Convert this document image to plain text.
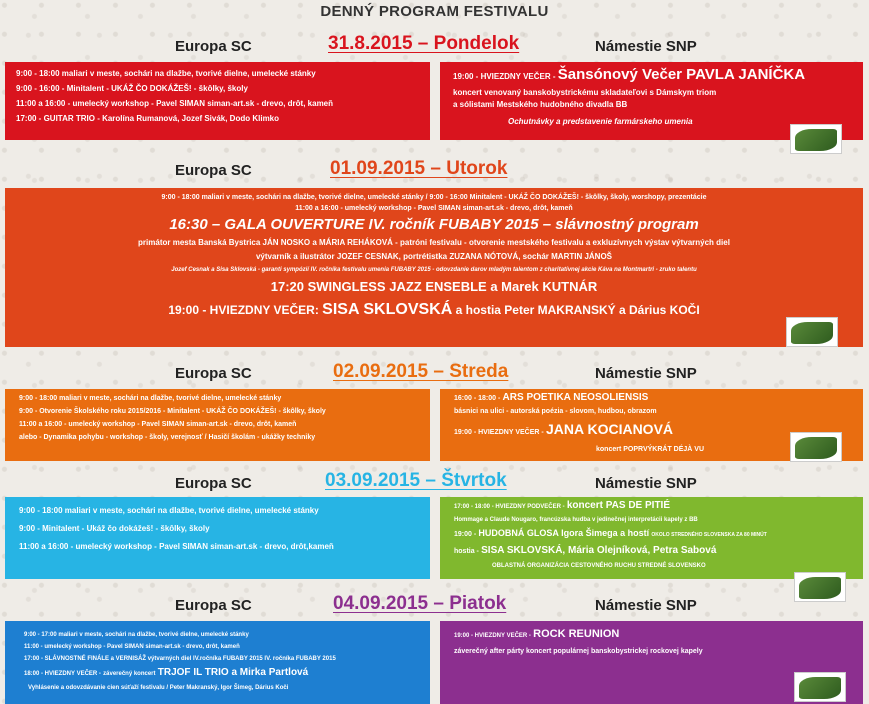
DENNÝ PROGRAM FESTIVALU
Europa SC	31.8.2015 – Pondelok	Námestie SNP
9:00 - 18:00 maliari v meste, sochári na dlažbe, tvorivé dielne, umelecké stánky
9:00 - 16:00 - Minitalent - UKÁŽ ČO DOKÁŽEŠ! - škôlky, školy
11:00 a 16:00 - umelecký workshop - Pavel SIMAN siman-art.sk - drevo, drôt, kameň
17:00 - GUITAR TRIO - Karolína Rumanová, Jozef Sivák, Dodo Klimko
19:00 - HVIEZDNY VEČER - Šansónový Večer PAVLA JANÍČKA
koncert venovaný banskobystrickému skladateľovi s Dámskym triom
a sólistami Mestského hudobného divadla BB
Ochutnávky a predstavenie farmárskeho umenia
Europa SC	01.09.2015 – Utorok
9:00 - 18:00 maliari v meste, sochári na dlažbe, tvorivé dielne, umelecké stánky / 9:00 - 16:00 Minitalent - UKÁŽ ČO DOKÁŽEŠ! - škôlky, školy, worshopy, prezentácie
11:00 a 16:00 - umelecký workshop - Pavel SIMAN siman-art.sk - drevo, drôt, kameň
16:30 – GALA OUVERTURE IV. ročník FUBABY 2015 – slávnostný program
primátor mesta Banská Bystrica JÁN NOSKO a MÁRIA REHÁKOVÁ - patróni festivalu - otvorenie mestského festivalu a exkluzívnych výstav výtvarných diel
výtvarník a ilustrátor JOZEF CESNAK, portrétistka ZUZANA NÓTOVÁ, sochár MARTIN JÁNOŠ
Jozef Cesnak a Sisa Sklovská - garanti sympózií IV. ročníka festivalu umenia FUBABY 2015 - odovzdanie darov mladým talentom z charitatívnej akcie Káva na Montmartri - zruko talentu
17:20 SWINGLESS JAZZ ENSEBLE a Marek KUTNÁR
19:00 - HVIEZDNY VEČER: SISA SKLOVSKÁ a hostia Peter MAKRANSKÝ a Dárius KOČI
Europa SC	02.09.2015 – Streda	Námestie SNP
9:00 - 18:00 maliari v meste, sochári na dlažbe, tvorivé dielne, umelecké stánky
9:00 - Otvorenie Školského roku 2015/2016 - Minitalent - UKÁŽ ČO DOKÁŽEŠ! - škôlky, školy
11:00 a 16:00 - umelecký workshop - Pavel SIMAN siman-art.sk - drevo, drôt, kameň
alebo - Dynamika pohybu - workshop - školy, verejnosť / Hasičí školám - ukážky techniky
16:00 - 18:00 - ARS POETIKA NEOSOLIENSIS
básnici na ulici - autorská poézia - slovom, hudbou, obrazom
19:00 - HVIEZDNY VEČER - JANA KOCIANOVÁ
koncert POPRVÝKRÁT DÉJÀ VU
Europa SC	03.09.2015 – Štvrtok	Námestie SNP
9:00 - 18:00 maliari v meste, sochári na dlažbe, tvorivé dielne, umelecké stánky
9:00 - Minitalent - Ukáž čo dokážeš! - škôlky, školy
11:00 a 16:00 - umelecký workshop - Pavel SIMAN siman-art.sk - drevo, drôt,kameň
17:00 - 18:00 - HVIEZDNY PODVEČER - koncert PAS DE PITIÉ
Hommage a Claude Nougaro, francúzska hudba v jedinečnej interpretácii kapely z BB
19:00 - HUDOBNÁ GLOSA Igora Šimega a hostí OKOLO STREDNÉHO SLOVENSKA ZA 80 MINÚT
hostia - SISA SKLOVSKÁ, Mária Olejníková, Petra Sabová
OBLASTNÁ ORGANIZÁCIA CESTOVNÉHO RUCHU STREDNÉ SLOVENSKO
Europa SC	04.09.2015 – Piatok	Námestie SNP
9:00 - 17:00 maliari v meste, sochári na dlažbe, tvorivé dielne, umelecké stánky
11:00 - umelecký workshop - Pavel SIMAN siman-art.sk - drevo, drôt, kameň
17:00 - SLÁVNOSTNÉ FINÁLE a VERNISÁŽ výtvarných diel IV.ročníka FUBABY 2015 IV. ročníka FUBABY 2015
18:00 - HVIEZDNY VEČER - záverečný koncert TRJOF IL TRIO a Mirka Partlová
Vyhlásenie a odovzdávanie cien súťaží festivalu / Peter Makranský, Igor Šimeg, Dárius Koči
19:00 - HVIEZDNY VEČER - ROCK REUNION
záverečný after párty koncert populárnej banskobystrickej rockovej kapely
